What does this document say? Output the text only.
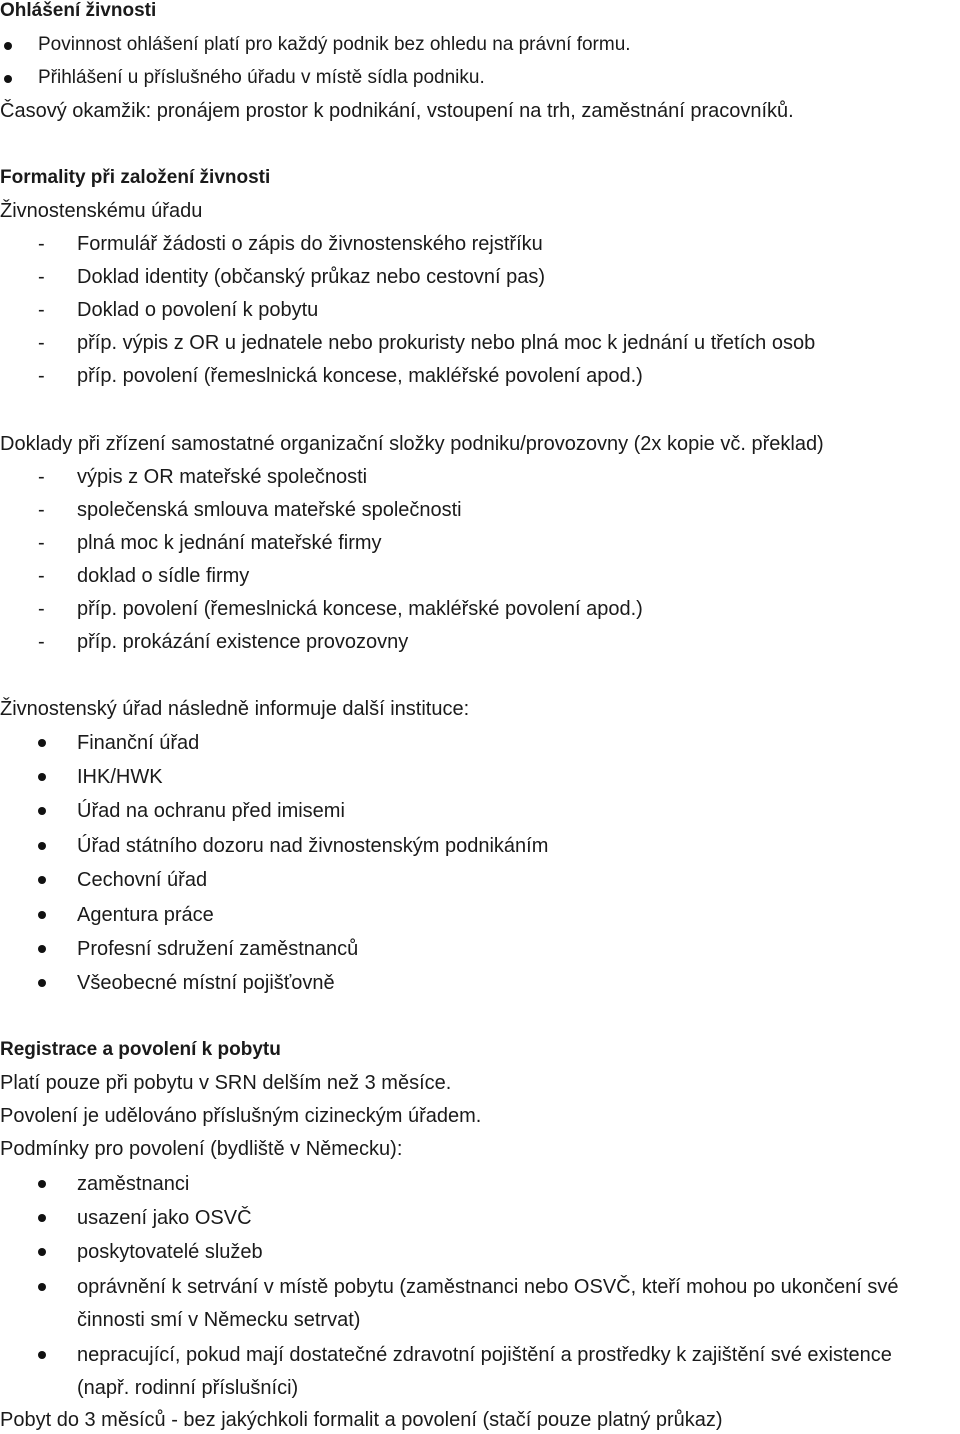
Ohlášení živnosti
Povinnost ohlášení platí pro každý podnik bez ohledu na právní formu.
Přihlášení u příslušného úřadu v místě sídla podniku.
Časový okamžik: pronájem prostor k podnikání, vstoupení na trh, zaměstnání pracovníků.
Formality při založení živnosti
Živnostenskému úřadu
- Formulář žádosti o zápis do živnostenského rejstříku
- Doklad identity (občanský průkaz nebo cestovní pas)
- Doklad o povolení k pobytu
- příp. výpis z OR u jednatele nebo prokuristy nebo plná moc k jednání u třetích osob
- příp. povolení (řemeslnická koncese, makléřské povolení apod.)
Doklady při zřízení samostatné organizační složky podniku/provozovny (2x kopie vč. překlad)
- výpis z OR mateřské společnosti
- společenská smlouva mateřské společnosti
- plná moc k jednání mateřské firmy
- doklad o sídle firmy
- příp. povolení (řemeslnická koncese, makléřské povolení apod.)
- příp. prokázání existence provozovny
Živnostenský úřad následně informuje další instituce:
Finanční úřad
IHK/HWK
Úřad na ochranu před imisemi
Úřad státního dozoru nad živnostenským podnikáním
Cechovní úřad
Agentura práce
Profesní sdružení zaměstnanců
Všeobecné místní pojišťovně
Registrace a povolení k pobytu
Platí pouze při pobytu v SRN delším než 3 měsíce.
Povolení je udělováno příslušným cizineckým úřadem.
Podmínky pro povolení (bydliště v Německu):
zaměstnanci
usazení jako OSVČ
poskytovatelé služeb
oprávnění k setrvání v místě pobytu (zaměstnanci nebo OSVČ, kteří mohou po ukončení své
činnosti smí v Německu setrvat)
nepracující, pokud mají dostatečné zdravotní pojištění a prostředky k zajištění své existence
(např. rodinní příslušníci)
Pobyt do 3 měsíců - bez jakýchkoli formalit a povolení (stačí pouze platný průkaz)
